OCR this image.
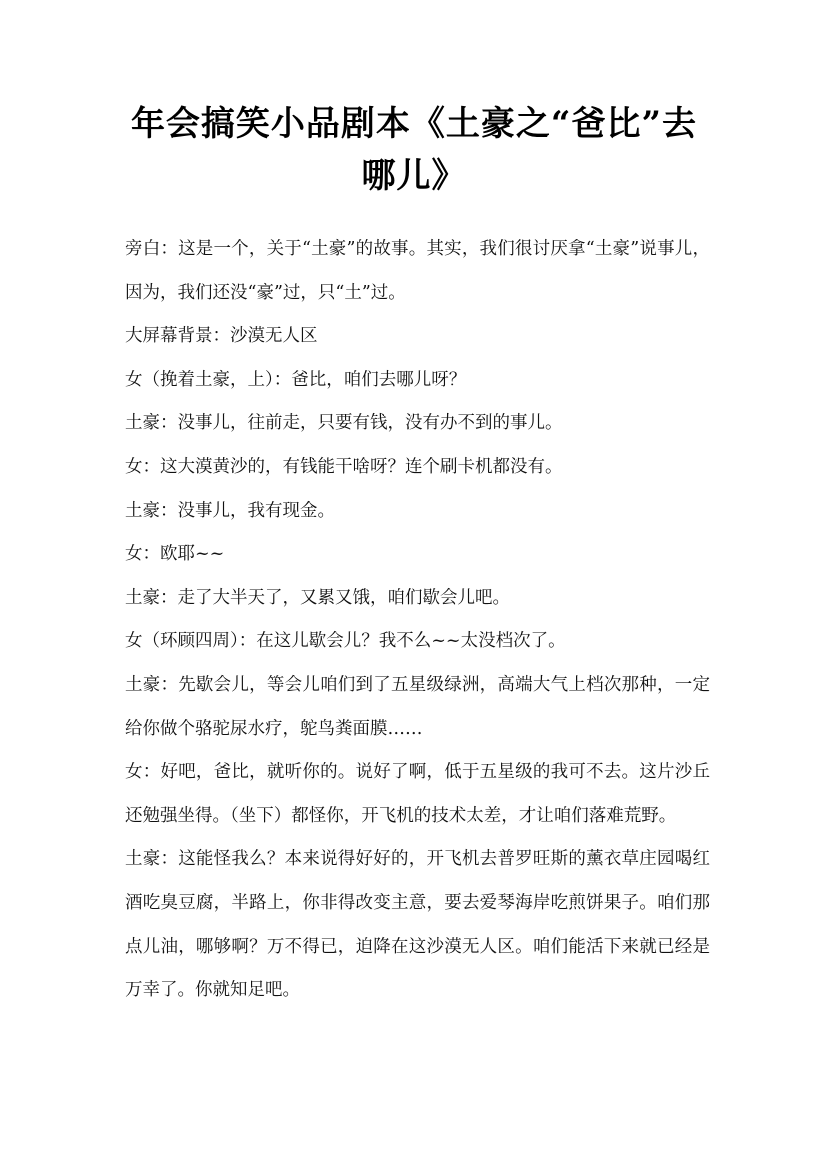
年会搞笑小品剧本《土豪之“爸比”去哪儿》

旁白：这是一个，关于“土豪”的故事。其实，我们很讨厌拿“土豪”说事儿，因为，我们还没“豪”过，只“土”过。

大屏幕背景：沙漠无人区

女（挽着土豪，上）：爸比，咱们去哪儿呀？

土豪：没事儿，往前走，只要有钱，没有办不到的事儿。

女：这大漠黄沙的，有钱能干啥呀？连个刷卡机都没有。

土豪：没事儿，我有现金。

女：欧耶~~

土豪：走了大半天了，又累又饿，咱们歇会儿吧。

女（环顾四周）：在这儿歇会儿？我不么~~太没档次了。

土豪：先歇会儿，等会儿咱们到了五星级绿洲，高端大气上档次那种，一定给你做个骆驼尿水疗，鸵鸟粪面膜……

女：好吧，爸比，就听你的。说好了啊，低于五星级的我可不去。这片沙丘还勉强坐得。（坐下）都怪你，开飞机的技术太差，才让咱们落难荒野。

土豪：这能怪我么？本来说得好好的，开飞机去普罗旺斯的薰衣草庄园喝红酒吃臭豆腐，半路上，你非得改变主意，要去爱琴海岸吃煎饼果子。咱们那点儿油，哪够啊？万不得已，迫降在这沙漠无人区。咱们能活下来就已经是万幸了。你就知足吧。
